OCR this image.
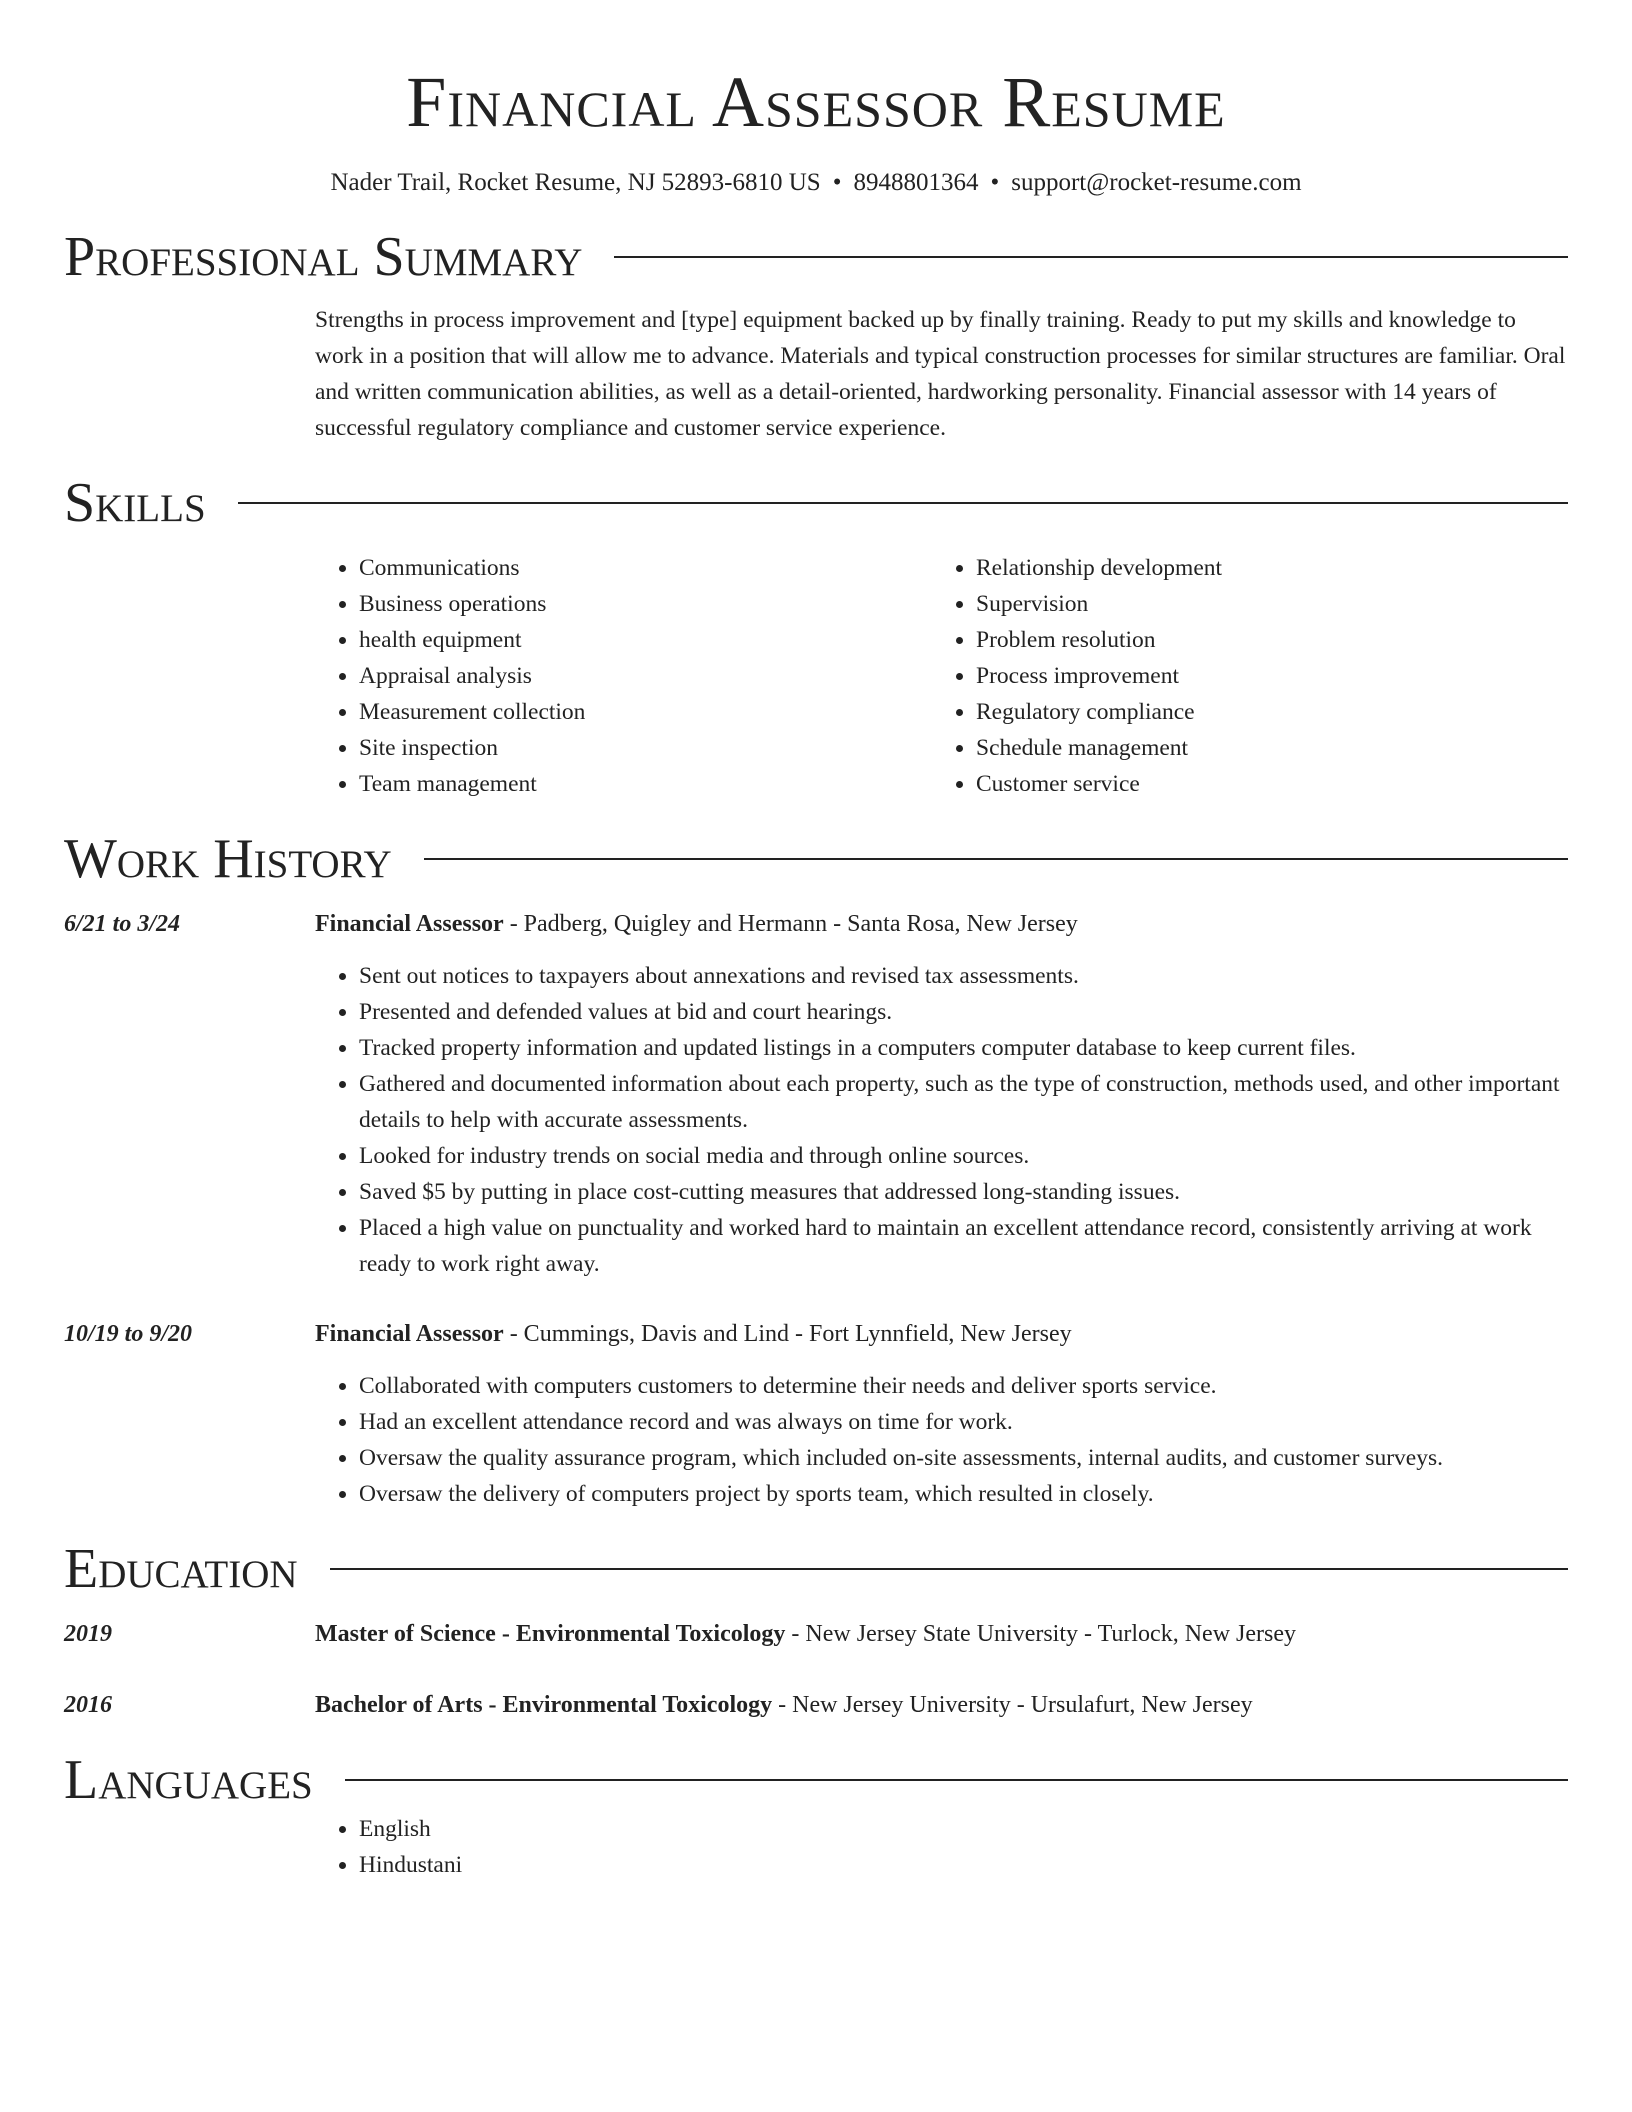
Financial Assessor Resume
Nader Trail, Rocket Resume, NJ 52893-6810 US • 8948801364 • support@rocket-resume.com
Professional Summary

Strengths in process improvement and [type] equipment backed up by finally training. Ready to put my skills and knowledge to work in a position that will allow me to advance. Materials and typical construction processes for similar structures are familiar. Oral and written communication abilities, as well as a detail-oriented, hardworking personality. Financial assessor with 14 years of successful regulatory compliance and customer service experience.

Skills
• Communications
• Business operations
• health equipment
• Appraisal analysis
• Measurement collection
• Site inspection
• Team management
• Relationship development
• Supervision
• Problem resolution
• Process improvement
• Regulatory compliance
• Schedule management
• Customer service
Work History
6/21 to 3/24	Financial Assessor - Padberg, Quigley and Hermann - Santa Rosa, New Jersey
• Sent out notices to taxpayers about annexations and revised tax assessments.
• Presented and defended values at bid and court hearings.
• Tracked property information and updated listings in a computers computer database to keep current files.
• Gathered and documented information about each property, such as the type of construction, methods used, and other important details to help with accurate assessments.
• Looked for industry trends on social media and through online sources.
• Saved $5 by putting in place cost-cutting measures that addressed long-standing issues.
• Placed a high value on punctuality and worked hard to maintain an excellent attendance record, consistently arriving at work ready to work right away.
10/19 to 9/20	Financial Assessor - Cummings, Davis and Lind - Fort Lynnfield, New Jersey
• Collaborated with computers customers to determine their needs and deliver sports service.
• Had an excellent attendance record and was always on time for work.
• Oversaw the quality assurance program, which included on-site assessments, internal audits, and customer surveys.
• Oversaw the delivery of computers project by sports team, which resulted in closely.
Education
2019	Master of Science - Environmental Toxicology - New Jersey State University - Turlock, New Jersey
2016	Bachelor of Arts - Environmental Toxicology - New Jersey University - Ursulafurt, New Jersey
Languages
• English
• Hindustani
